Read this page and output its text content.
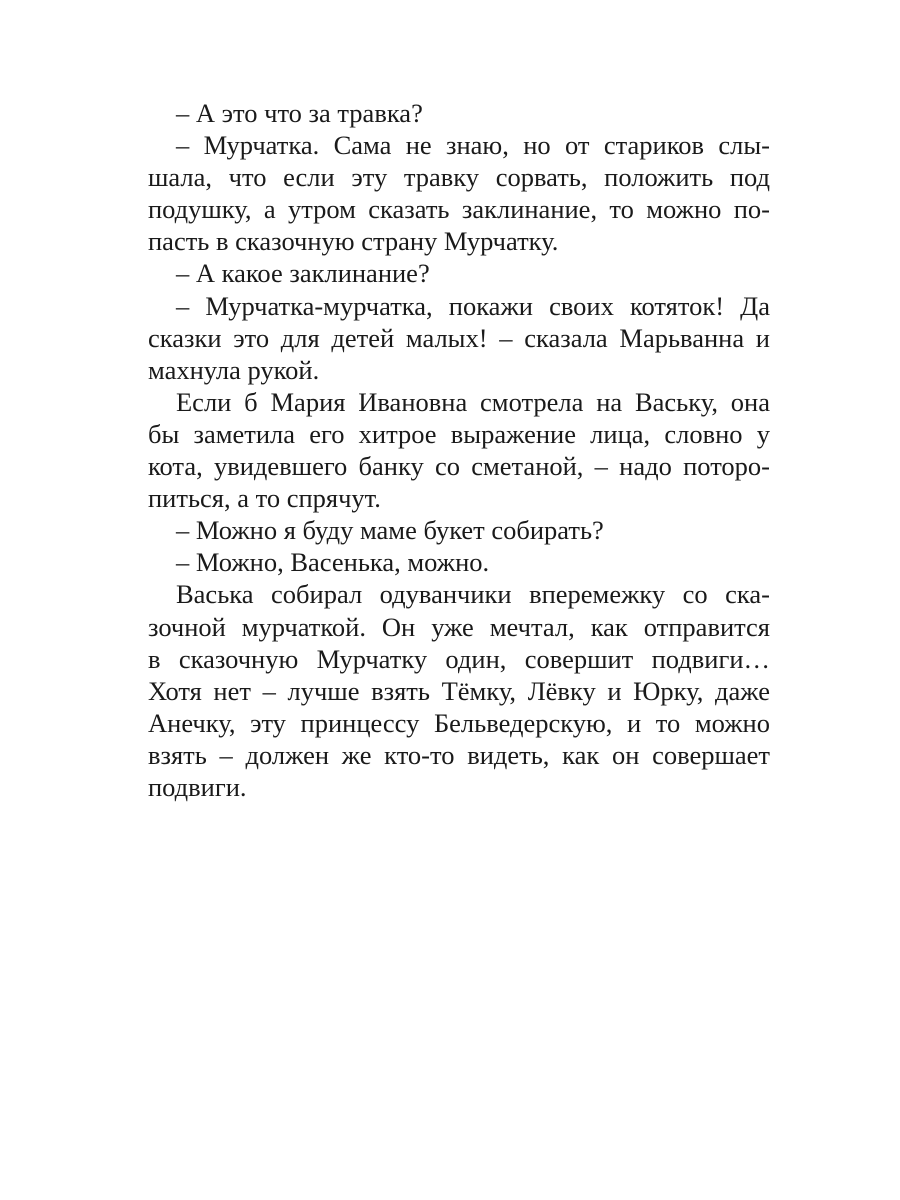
– А это что за травка?
– Мурчатка. Сама не знаю, но от стариков слы-
шала, что если эту травку сорвать, положить под
подушку, а утром сказать заклинание, то можно по-
пасть в сказочную страну Мурчатку.
– А какое заклинание?
– Мурчатка-мурчатка, покажи своих котяток! Да
сказки это для детей малых! – сказала Марьванна и
махнула рукой.
Если б Мария Ивановна смотрела на Ваську, она
бы заметила его хитрое выражение лица, словно у
кота, увидевшего банку со сметаной, – надо поторо-
питься, а то спрячут.
– Можно я буду маме букет собирать?
– Можно, Васенька, можно.
Васька собирал одуванчики вперемежку со ска-
зочной мурчаткой. Он уже мечтал, как отправится
в сказочную Мурчатку один, совершит подвиги…
Хотя нет – лучше взять Тёмку, Лёвку и Юрку, даже
Анечку, эту принцессу Бельведерскую, и то можно
взять – должен же кто-то видеть, как он совершает
подвиги.
